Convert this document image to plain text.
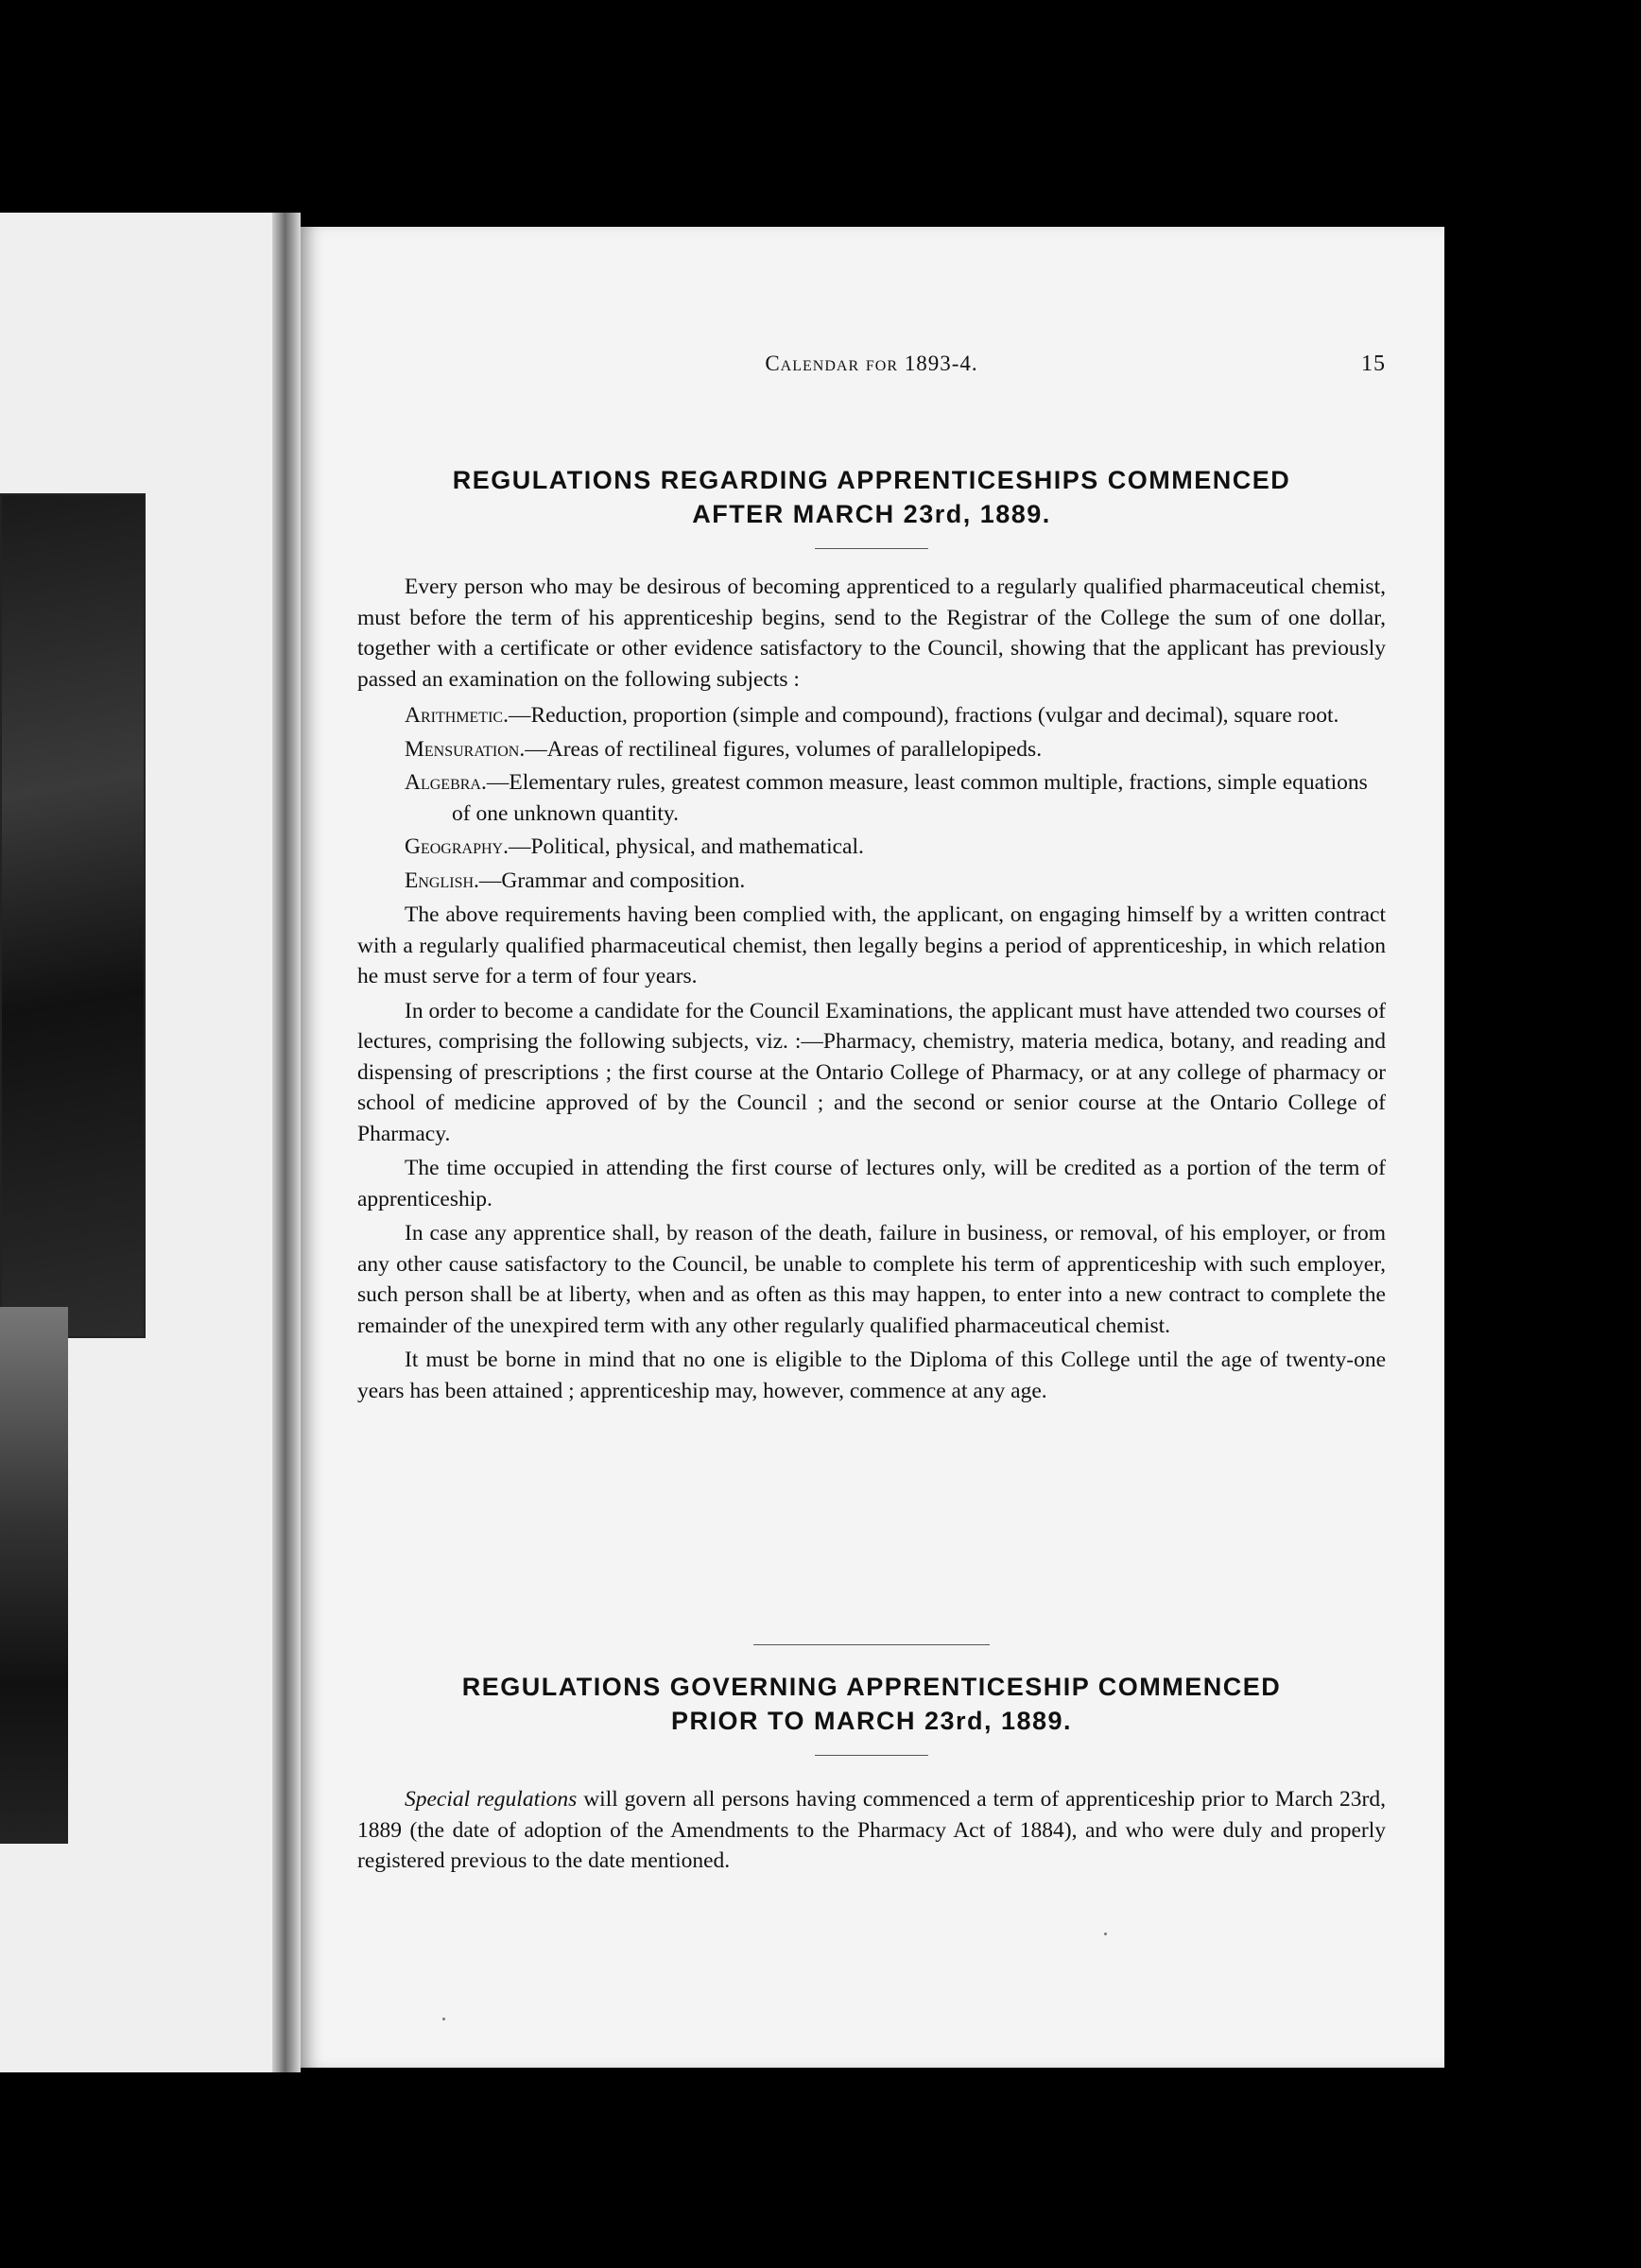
Calendar for 1893-4.	15

REGULATIONS REGARDING APPRENTICESHIPS COMMENCED

AFTER MARCH 23rd, 1889.

Every person who may be desirous of becoming apprenticed to a regularly qualified pharmaceutical chemist, must before the term of his apprenticeship begins, send to the Registrar of the College the sum of one dollar, together with a certificate or other evidence satisfactory to the Council, showing that the applicant has previously passed an examination on the following subjects :

Arithmetic.—Reduction, proportion (simple and compound), fractions (vulgar and decimal), square root.

Mensuration.—Areas of rectilineal figures, volumes of parallelopipeds.

Algebra.—Elementary rules, greatest common measure, least common multiple, fractions, simple equations of one unknown quantity.

Geography.—Political, physical, and mathematical.

English.—Grammar and composition.

The above requirements having been complied with, the applicant, on engaging himself by a written contract with a regularly qualified pharmaceutical chemist, then legally begins a period of apprenticeship, in which relation he must serve for a term of four years.

In order to become a candidate for the Council Examinations, the applicant must have attended two courses of lectures, comprising the following subjects, viz. :—Pharmacy, chemistry, materia medica, botany, and reading and dispensing of prescriptions ; the first course at the Ontario College of Pharmacy, or at any college of pharmacy or school of medicine approved of by the Council ; and the second or senior course at the Ontario College of Pharmacy.

The time occupied in attending the first course of lectures only, will be credited as a portion of the term of apprenticeship.

In case any apprentice shall, by reason of the death, failure in business, or removal, of his employer, or from any other cause satisfactory to the Council, be unable to complete his term of apprenticeship with such employer, such person shall be at liberty, when and as often as this may happen, to enter into a new contract to complete the remainder of the unexpired term with any other regularly qualified pharmaceutical chemist.

It must be borne in mind that no one is eligible to the Diploma of this College until the age of twenty-one years has been attained ; apprenticeship may, however, commence at any age.

REGULATIONS GOVERNING APPRENTICESHIP COMMENCED

PRIOR TO MARCH 23rd, 1889.

Special regulations will govern all persons having commenced a term of apprenticeship prior to March 23rd, 1889 (the date of adoption of the Amendments to the Pharmacy Act of 1884), and who were duly and properly registered previous to the date mentioned.
